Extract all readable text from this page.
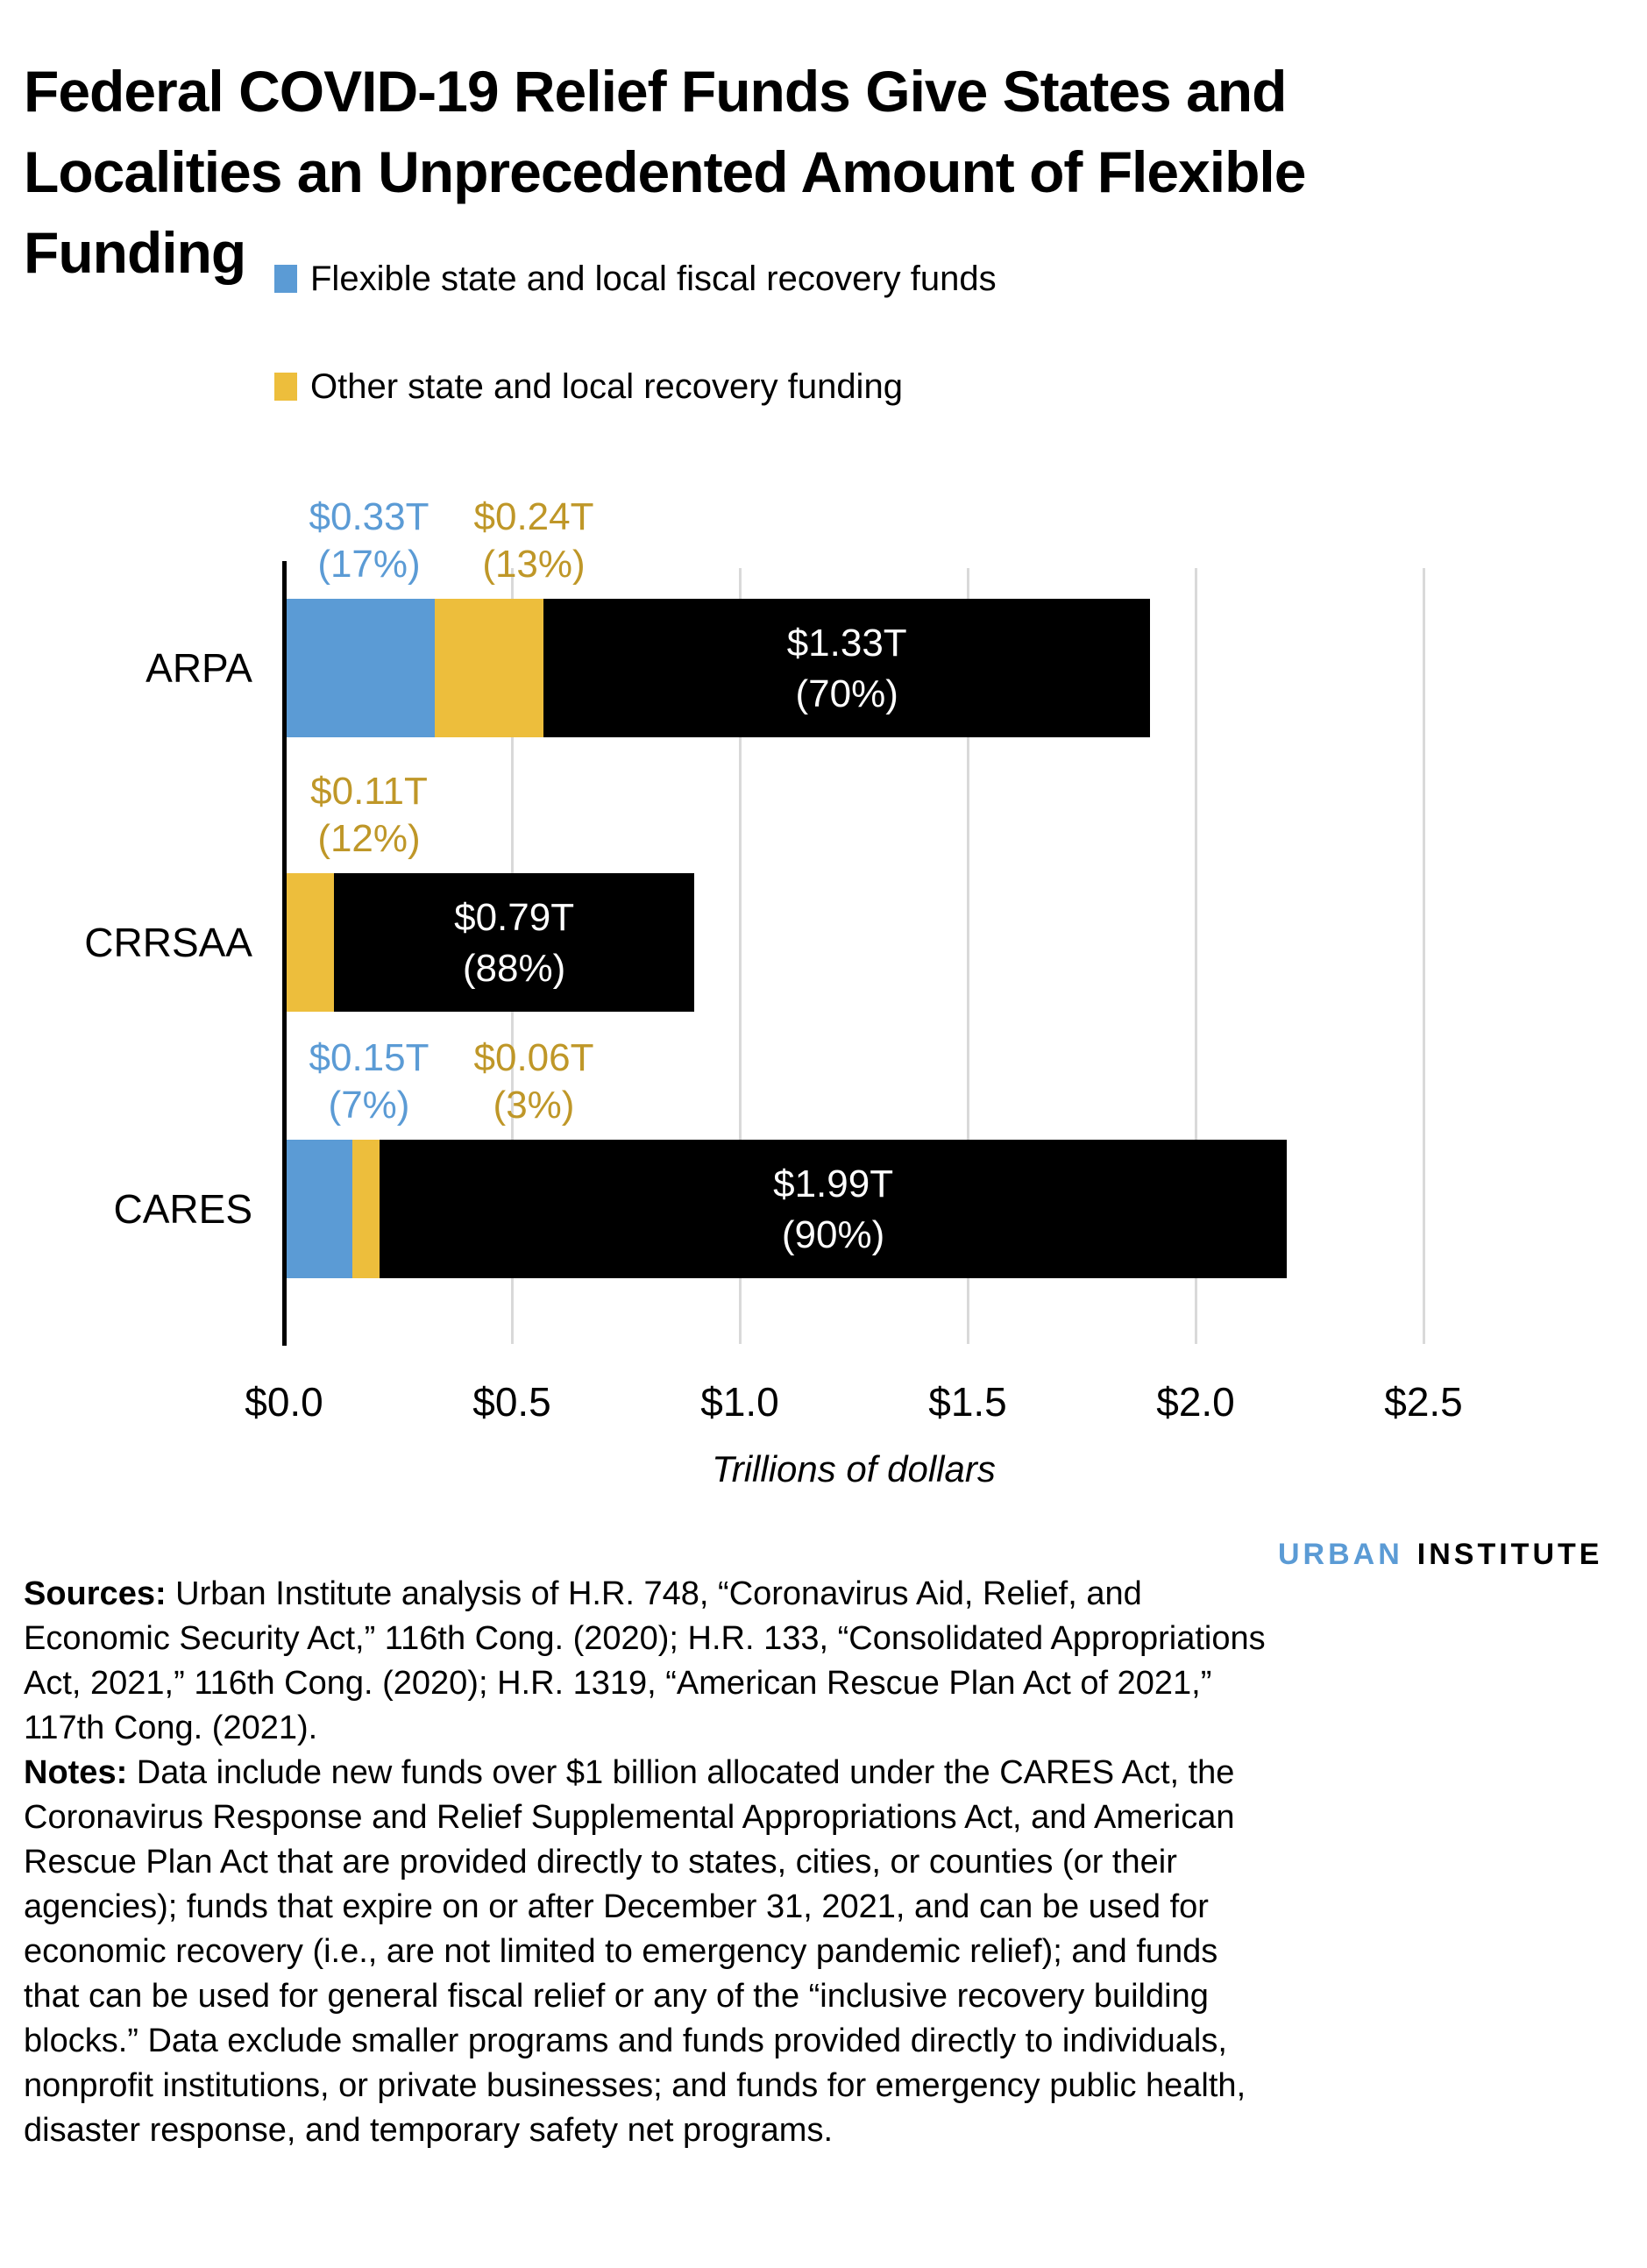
Federal COVID-19 Relief Funds Give States and Localities an Unprecedented Amount of Flexible Funding	Flexible state and local fiscal recovery funds
Other state and local recovery funding
Trillions of dollars
$0.0	$0.5	$1.0	$1.5	$2.0	$2.5
ARPA
$0.33T
(17%)
$0.24T
(13%)
$1.33T
(70%)
CRRSAA
$0.11T
(12%)
$0.79T
(88%)
CARES
$0.15T
(7%)
$0.06T
(3%)
$1.99T
(90%)
URBAN INSTITUTE
Sources: Urban Institute analysis of H.R. 748, “Coronavirus Aid, Relief, and Economic Security Act,” 116th Cong. (2020); H.R. 133, “Consolidated Appropriations Act, 2021,” 116th Cong. (2020); H.R. 1319, “American Rescue Plan Act of 2021,” 117th Cong. (2021).
Notes: Data include new funds over $1 billion allocated under the CARES Act, the Coronavirus Response and Relief Supplemental Appropriations Act, and American Rescue Plan Act that are provided directly to states, cities, or counties (or their agencies); funds that expire on or after December 31, 2021, and can be used for economic recovery (i.e., are not limited to emergency pandemic relief); and funds that can be used for general fiscal relief or any of the “inclusive recovery building blocks.” Data exclude smaller programs and funds provided directly to individuals, nonprofit institutions, or private businesses; and funds for emergency public health, disaster response, and temporary safety net programs.
